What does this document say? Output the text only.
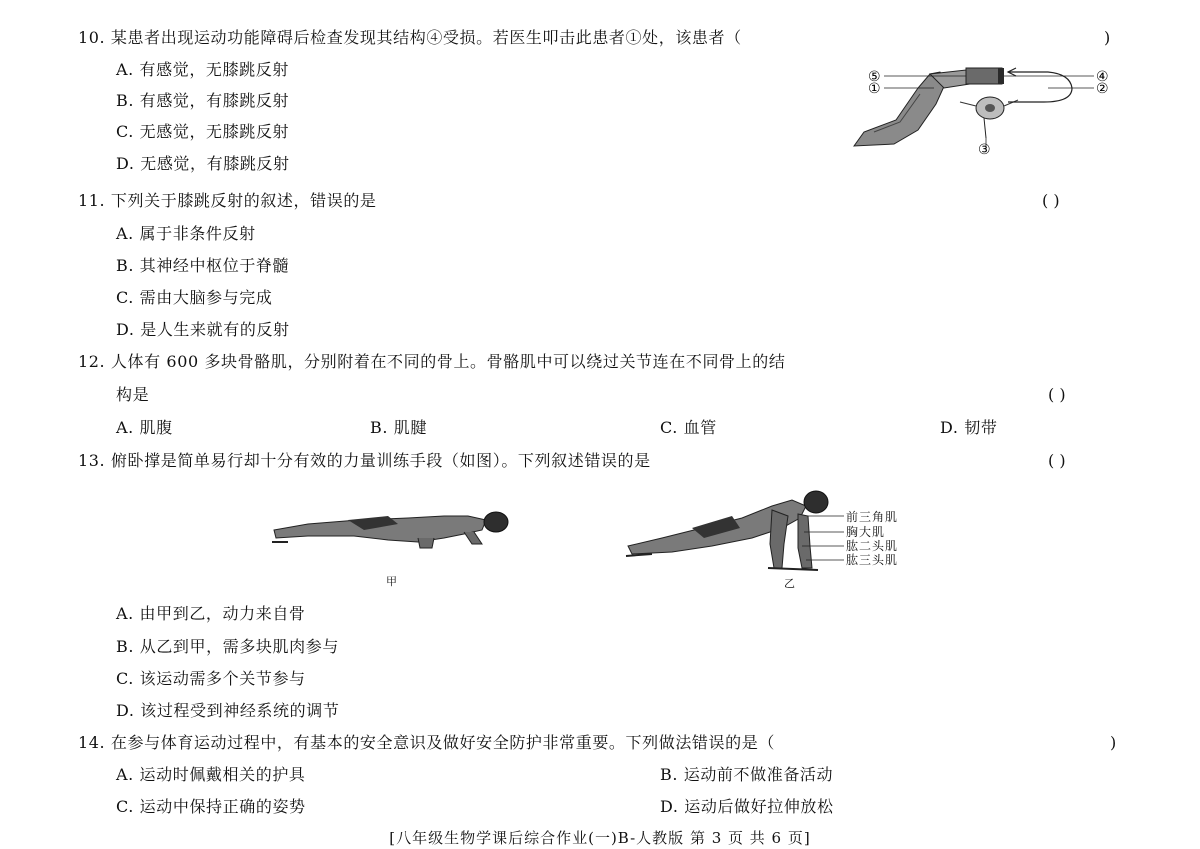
10. 某患者出现运动功能障碍后检查发现其结构④受损。若医生叩击此患者①处，该患者（	)
A. 有感觉，无膝跳反射
B. 有感觉，有膝跳反射
C. 无感觉，无膝跳反射
D. 无感觉，有膝跳反射
⑤
①
④
②
③
11. 下列关于膝跳反射的叙述，错误的是	( )
A. 属于非条件反射
B. 其神经中枢位于脊髓
C. 需由大脑参与完成
D. 是人生来就有的反射
12. 人体有 600 多块骨骼肌，分别附着在不同的骨上。骨骼肌中可以绕过关节连在不同骨上的结
构是	( )
A. 肌腹	B. 肌腱	C. 血管	D. 韧带
13. 俯卧撑是简单易行却十分有效的力量训练手段（如图）。下列叙述错误的是	( )
甲	乙
前三角肌
胸大肌
肱二头肌
肱三头肌
A. 由甲到乙，动力来自骨
B. 从乙到甲，需多块肌肉参与
C. 该运动需多个关节参与
D. 该过程受到神经系统的调节
14. 在参与体育运动过程中，有基本的安全意识及做好安全防护非常重要。下列做法错误的是（	)
A. 运动时佩戴相关的护具	B. 运动前不做准备活动
C. 运动中保持正确的姿势	D. 运动后做好拉伸放松
[八年级生物学课后综合作业(一)B-人教版 第 3 页 共 6 页]
